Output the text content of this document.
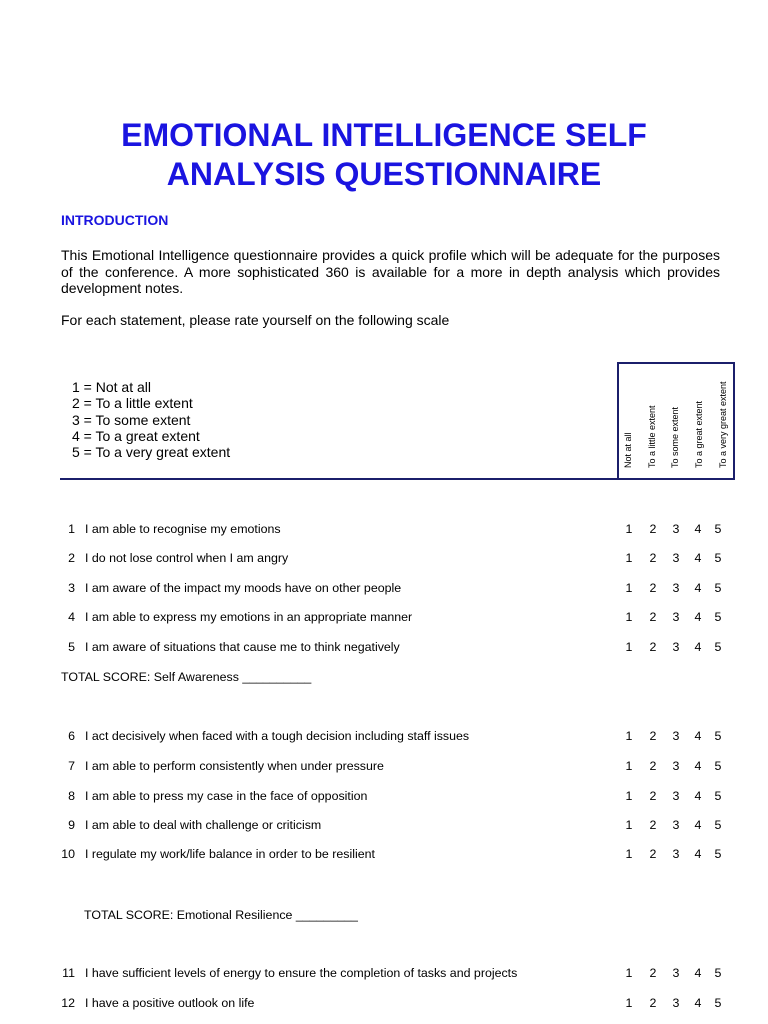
EMOTIONAL INTELLIGENCE SELF
ANALYSIS QUESTIONNAIRE
INTRODUCTION

This Emotional Intelligence questionnaire provides a quick profile which will be adequate for the purposes of the conference. A more sophisticated 360 is available for a more in depth analysis which provides development notes.

For each statement, please rate yourself on the following scale

1 = Not at all
2 = To a little extent
3 = To some extent
4 = To a great extent
5 = To a very great extent	Not at all To a little extent To some extent To a great extent To a very great extent
1 I am able to recognise my emotions	1 2 3 4 5
2 I do not lose control when I am angry	1 2 3 4 5
3 I am aware of the impact my moods have on other people	1 2 3 4 5
4 I am able to express my emotions in an appropriate manner	1 2 3 4 5
5 I am aware of situations that cause me to think negatively	1 2 3 4 5
TOTAL SCORE: Self Awareness __________
6 I act decisively when faced with a tough decision including staff issues	1 2 3 4 5
7 I am able to perform consistently when under pressure	1 2 3 4 5
8 I am able to press my case in the face of opposition	1 2 3 4 5
9 I am able to deal with challenge or criticism	1 2 3 4 5
10 I regulate my work/life balance in order to be resilient	1 2 3 4 5
TOTAL SCORE: Emotional Resilience _________
11 I have sufficient levels of energy to ensure the completion of tasks and projects	1 2 3 4 5
12 I have a positive outlook on life	1 2 3 4 5
